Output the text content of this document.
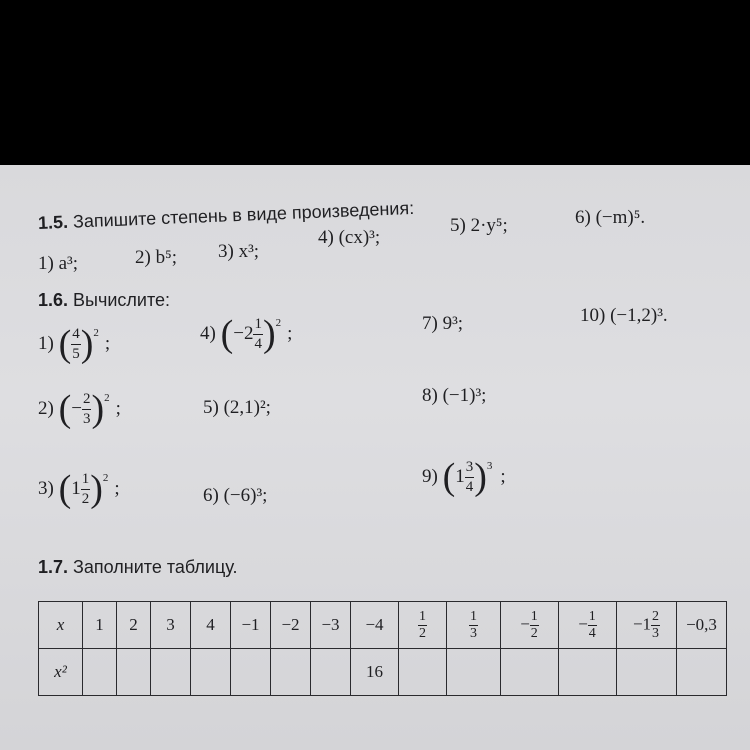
1.5. Запишите степень в виде произведения:
1) a³;	2) b⁵; 3) x³;
4) (cx)³;
5) 2·y⁵;	6) (−m)⁵.
1.6. Вычислите:
1)
( $\frac{4}{5}$ ) 2 ;
2)
( − $\frac{2}{3}$ ) 2 ;
3)
( $1 \frac{1}{2}$ ) 2 ;
4)
( $-2 \frac{1}{4}$ ) 2 ;
5) (2,1)²;
6) (−6)³;
7) 9³;
8) (−1)³;
9)
( $1 \frac{3}{4}$ ) 3 ;
10) (−1,2)³.
1.7. Заполните таблицу.
x	1	2	3	4	−1	−2	−3	−4	$\frac{1}{2}$	$\frac{1}{3}$	− $\frac{1}{2}$	− $\frac{1}{4}$	$-1 \frac{2}{3}$	−0,3
x²								16						
